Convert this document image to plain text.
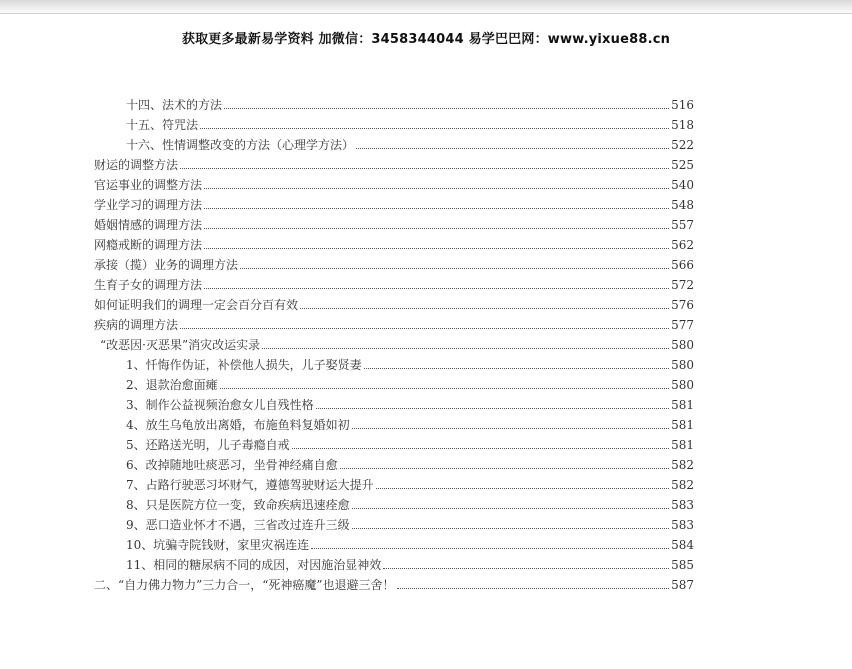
获取更多最新易学资料 加微信：3458344044 易学巴巴网：www.yixue88.cn
十四、法术的方法	516
十五、符咒法	518
十六、性情调整改变的方法（心理学方法）	522
财运的调整方法	525
官运事业的调整方法	540
学业学习的调理方法	548
婚姻情感的调理方法	557
网瘾戒断的调理方法	562
承接（揽）业务的调理方法	566
生育子女的调理方法	572
如何证明我们的调理一定会百分百有效	576
疾病的调理方法	577
“改恶因·灭恶果”消灾改运实录	580
1、忏悔作伪证，补偿他人损失，儿子娶贤妻	580
2、退款治愈面瘫	580
3、制作公益视频治愈女儿自残性格	581
4、放生乌龟放出离婚，布施鱼料复婚如初	581
5、还路送光明，儿子毒瘾自戒	581
6、改掉随地吐痰恶习，坐骨神经痛自愈	582
7、占路行驶恶习坏财气，遵德驾驶财运大提升	582
8、只是医院方位一变，致命疾病迅速痊愈	583
9、恶口造业怀才不遇，三省改过连升三级	583
10、坑骗寺院钱财，家里灾祸连连	584
11、相同的糖尿病不同的成因，对因施治显神效	585
二、“自力佛力物力”三力合一，“死神癌魔”也退避三舍！	587
